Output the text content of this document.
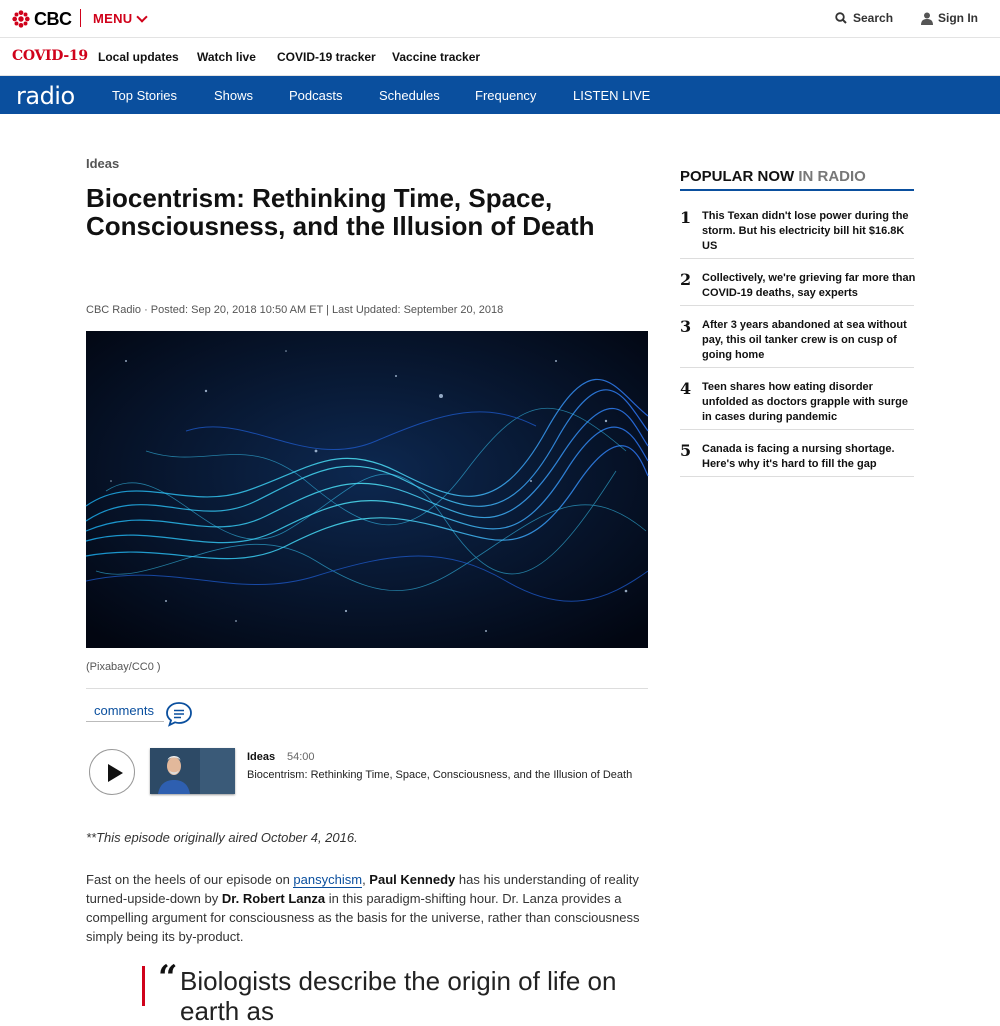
CBC MENU	Search	Sign In
COVID-19 Local updates Watch live COVID-19 tracker Vaccine tracker
radio	Top Stories	Shows	Podcasts	Schedules	Frequency	LISTEN LIVE
Ideas
Biocentrism: Rethinking Time, Space, Consciousness, and the Illusion of Death
CBC Radio · Posted: Sep 20, 2018 10:50 AM ET | Last Updated: September 20, 2018
(Pixabay/CC0 )
comments
Ideas 54:00
Biocentrism: Rethinking Time, Space, Consciousness, and the Illusion of Death
**This episode originally aired October 4, 2016.

Fast on the heels of our episode on pansychism, Paul Kennedy has his understanding of reality turned-upside-down by Dr. Robert Lanza in this paradigm-shifting hour. Dr. Lanza provides a compelling argument for consciousness as the basis for the universe, rather than consciousness simply being its by-product.

“ Biologists describe the origin of life on earth as
POPULAR NOW IN RADIO
1 This Texan didn't lose power during the storm. But his electricity bill hit $16.8K US
2 Collectively, we're grieving far more than COVID-19 deaths, say experts
3 After 3 years abandoned at sea without pay, this oil tanker crew is on cusp of going home
4 Teen shares how eating disorder unfolded as doctors grapple with surge in cases during pandemic
5 Canada is facing a nursing shortage. Here's why it's hard to fill the gap
